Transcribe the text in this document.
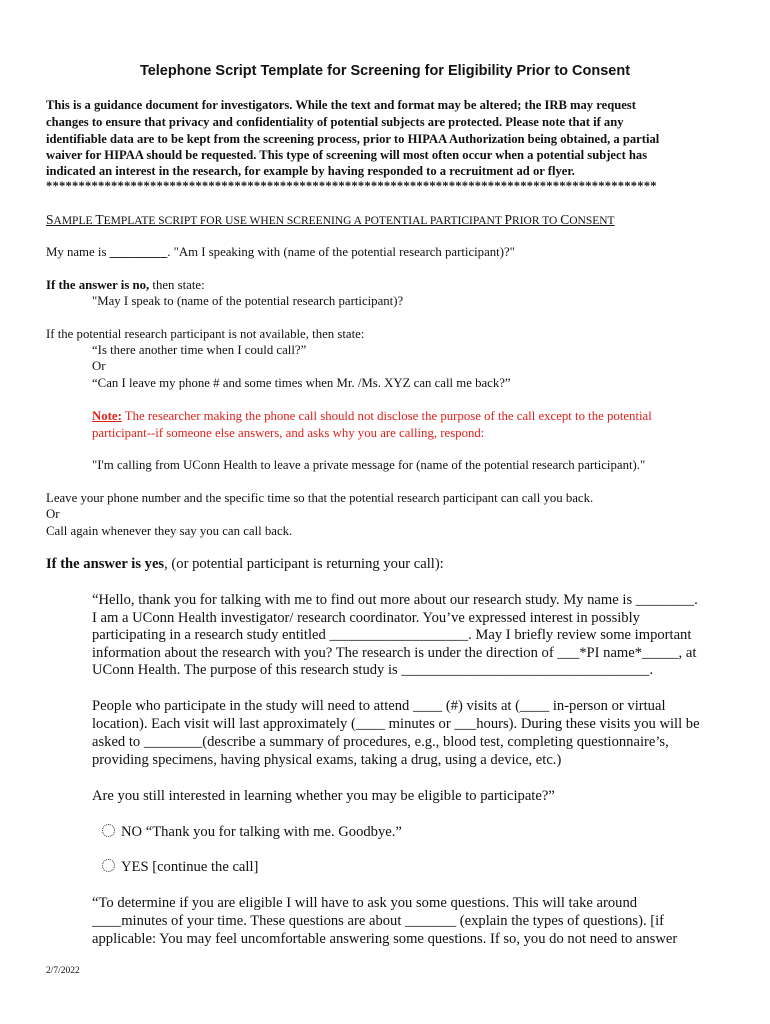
Telephone Script Template for Screening for Eligibility Prior to Consent
This is a guidance document for investigators. While the text and format may be altered; the IRB may request
changes to ensure that privacy and confidentiality of potential subjects are protected. Please note that if any
identifiable data are to be kept from the screening process, prior to HIPAA Authorization being obtained, a partial
waiver for HIPAA should be requested. This type of screening will most often occur when a potential subject has
indicated an interest in the research, for example by having responded to a recruitment ad or flyer.
**********************************************************************************************
SAMPLE TEMPLATE SCRIPT FOR USE WHEN SCREENING A POTENTIAL PARTICIPANT PRIOR TO CONSENT
My name is _________. "Am I speaking with (name of the potential research participant)?"
If the answer is no, then state:
"May I speak to (name of the potential research participant)?
If the potential research participant is not available, then state:
“Is there another time when I could call?”
Or
“Can I leave my phone # and some times when Mr. /Ms. XYZ can call me back?”
Note: The researcher making the phone call should not disclose the purpose of the call except to the potential
participant--if someone else answers, and asks why you are calling, respond:
"I'm calling from UConn Health to leave a private message for (name of the potential research participant)."
Leave your phone number and the specific time so that the potential research participant can call you back.
Or
Call again whenever they say you can call back.
If the answer is yes, (or potential participant is returning your call):
“Hello, thank you for talking with me to find out more about our research study. My name is ________.
I am a UConn Health investigator/ research coordinator. You’ve expressed interest in possibly
participating in a research study entitled ___________________. May I briefly review some important
information about the research with you? The research is under the direction of ___*PI name*_____, at
UConn Health. The purpose of this research study is __________________________________.
People who participate in the study will need to attend ____ (#) visits at (____ in-person or virtual
location). Each visit will last approximately (____ minutes or ___hours). During these visits you will be
asked to ________(describe a summary of procedures, e.g., blood test, completing questionnaire’s,
providing specimens, having physical exams, taking a drug, using a device, etc.)
Are you still interested in learning whether you may be eligible to participate?”
NO “Thank you for talking with me. Goodbye.”
YES [continue the call]
“To determine if you are eligible I will have to ask you some questions. This will take around
____minutes of your time. These questions are about _______ (explain the types of questions). [if
applicable: You may feel uncomfortable answering some questions. If so, you do not need to answer
2/7/2022
